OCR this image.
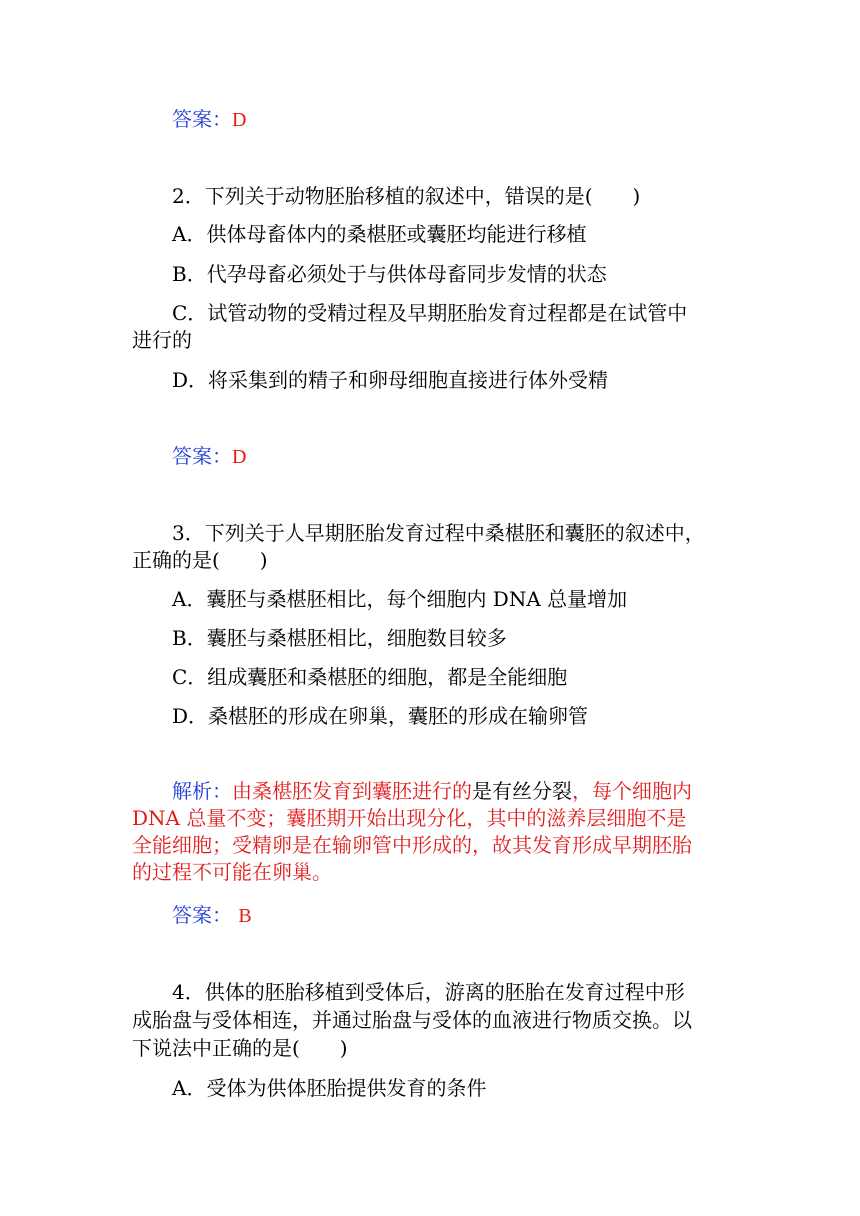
答案：D
2．下列关于动物胚胎移植的叙述中，错误的是(　　)
A．供体母畜体内的桑椹胚或囊胚均能进行移植
B．代孕母畜必须处于与供体母畜同步发情的状态
C．试管动物的受精过程及早期胚胎发育过程都是在试管中
进行的
D．将采集到的精子和卵母细胞直接进行体外受精
答案：D
3．下列关于人早期胚胎发育过程中桑椹胚和囊胚的叙述中，
正确的是(　　)
A．囊胚与桑椹胚相比，每个细胞内 DNA 总量增加
B．囊胚与桑椹胚相比，细胞数目较多
C．组成囊胚和桑椹胚的细胞，都是全能细胞
D．桑椹胚的形成在卵巢，囊胚的形成在输卵管
解析：由桑椹胚发育到囊胚进行的是有丝分裂，每个细胞内
DNA 总量不变；囊胚期开始出现分化，其中的滋养层细胞不是
全能细胞；受精卵是在输卵管中形成的，故其发育形成早期胚胎
的过程不可能在卵巢。
答案： B
4．供体的胚胎移植到受体后，游离的胚胎在发育过程中形
成胎盘与受体相连，并通过胎盘与受体的血液进行物质交换。以
下说法中正确的是(　　)
A．受体为供体胚胎提供发育的条件
